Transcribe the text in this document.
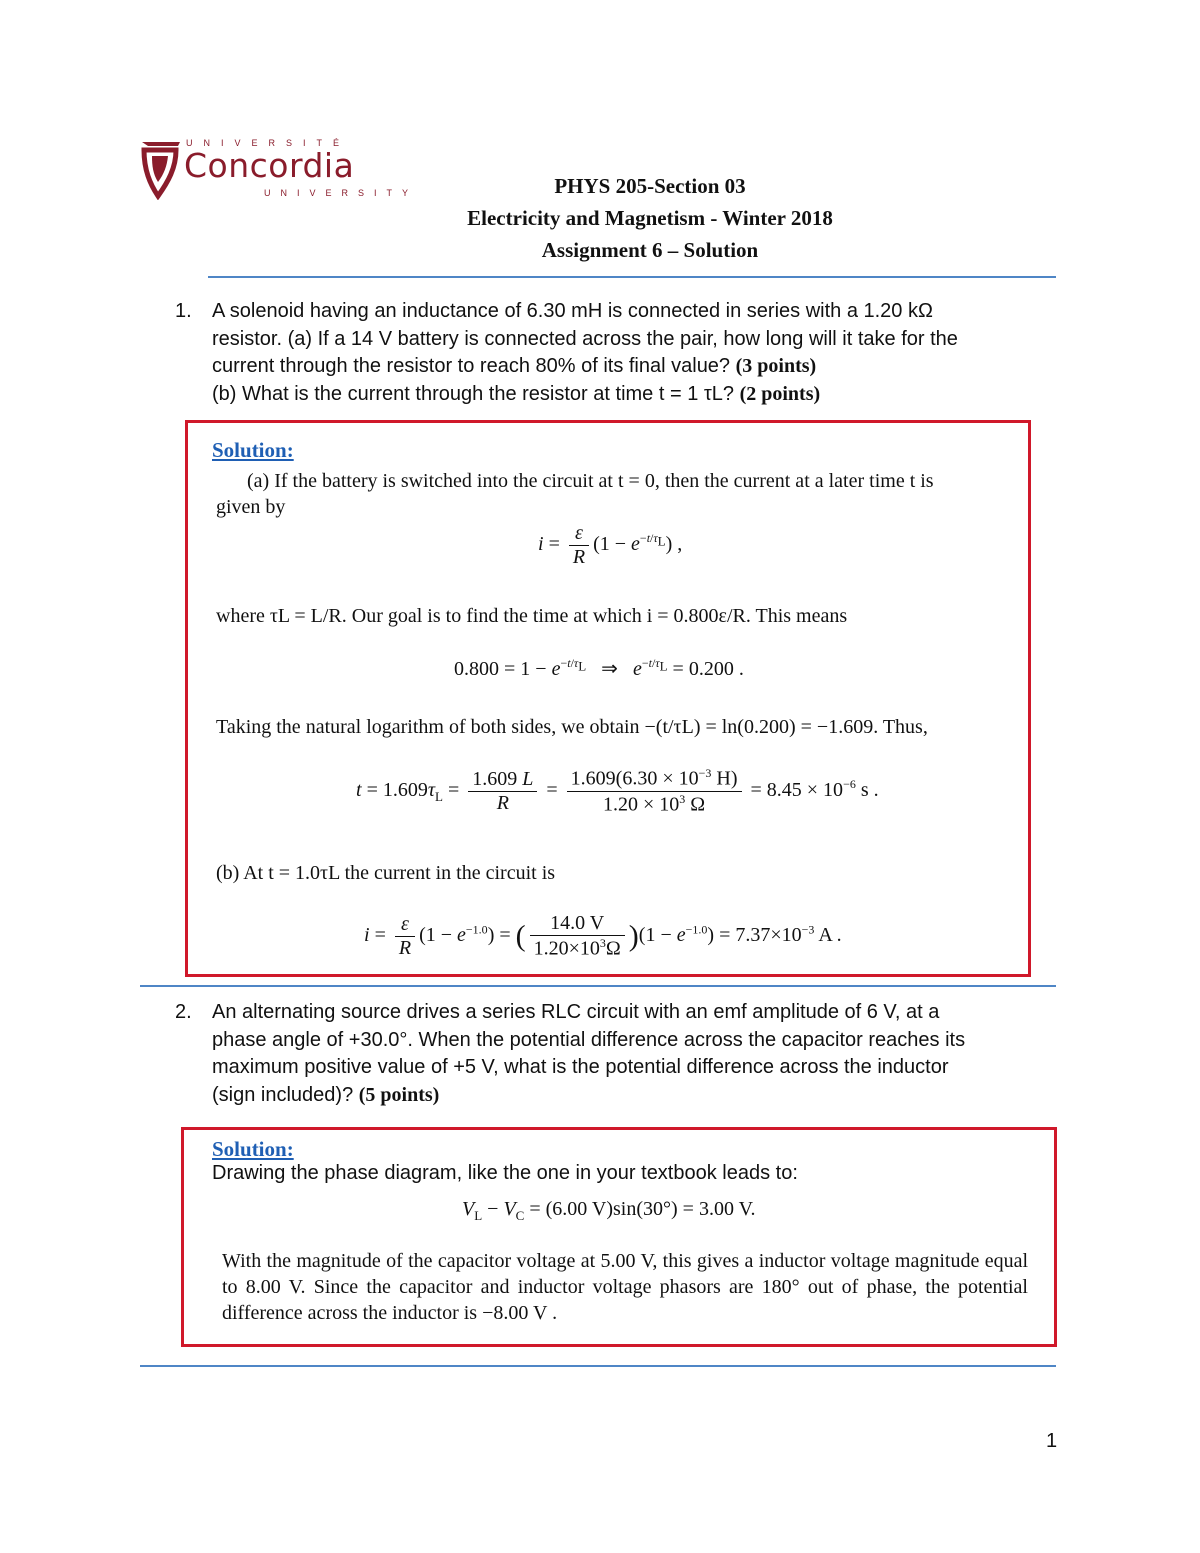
UNIVERSITÉ
Concordia
UNIVERSITY	PHYS 205-Section 03
Electricity and Magnetism - Winter 2018
Assignment 6 – Solution
1. A solenoid having an inductance of 6.30 mH is connected in series with a 1.20 kΩ
resistor. (a) If a 14 V battery is connected across the pair, how long will it take for the
current through the resistor to reach 80% of its final value? (3 points)
(b) What is the current through the resistor at time t = 1 τL? (2 points)
Solution:
(a) If the battery is switched into the circuit at t = 0, then the current at a later time t is
given by
$i = \frac{\varepsilon}{R} (1 - e^{-t/\tau_L})$ ,
where τL = L/R. Our goal is to find the time at which i = 0.800ε/R. This means
$0.800 = 1 - e^{-t/\tau_L}$   ⇒   $e^{-t/\tau_L} = 0.200$ .
Taking the natural logarithm of both sides, we obtain −(t/τL) = ln(0.200) = −1.609. Thus,
$t = 1.609\tau_L = \frac{1.609 L}{R} = \frac{1.609(6.30 \times 10^{-3} H)}{1.20 \times 10^3 \Omega} = 8.45 \times 10^{-6}$ s .
(b) At t = 1.0τL the current in the circuit is
$i = \frac{\varepsilon}{R} (1 - e^{-1.0})$ = ( $\frac{14.0 V}{1.20\times 10^3\Omega} )(1 - e^{-1.0}) = 7.37\times 10^{-3}$ A .
2. An alternating source drives a series RLC circuit with an emf amplitude of 6 V, at a
phase angle of +30.0°. When the potential difference across the capacitor reaches its
maximum positive value of +5 V, what is the potential difference across the inductor
(sign included)? (5 points)
Solution:
Drawing the phase diagram, like the one in your textbook leads to:
$V_L - V_C = (6.00$ V)sin(30°) = 3.00 V.
With the magnitude of the capacitor voltage at 5.00 V, this gives a inductor voltage magnitude equal to 8.00 V. Since the capacitor and inductor voltage phasors are 180° out of phase, the potential difference across the inductor is −8.00 V .
1
